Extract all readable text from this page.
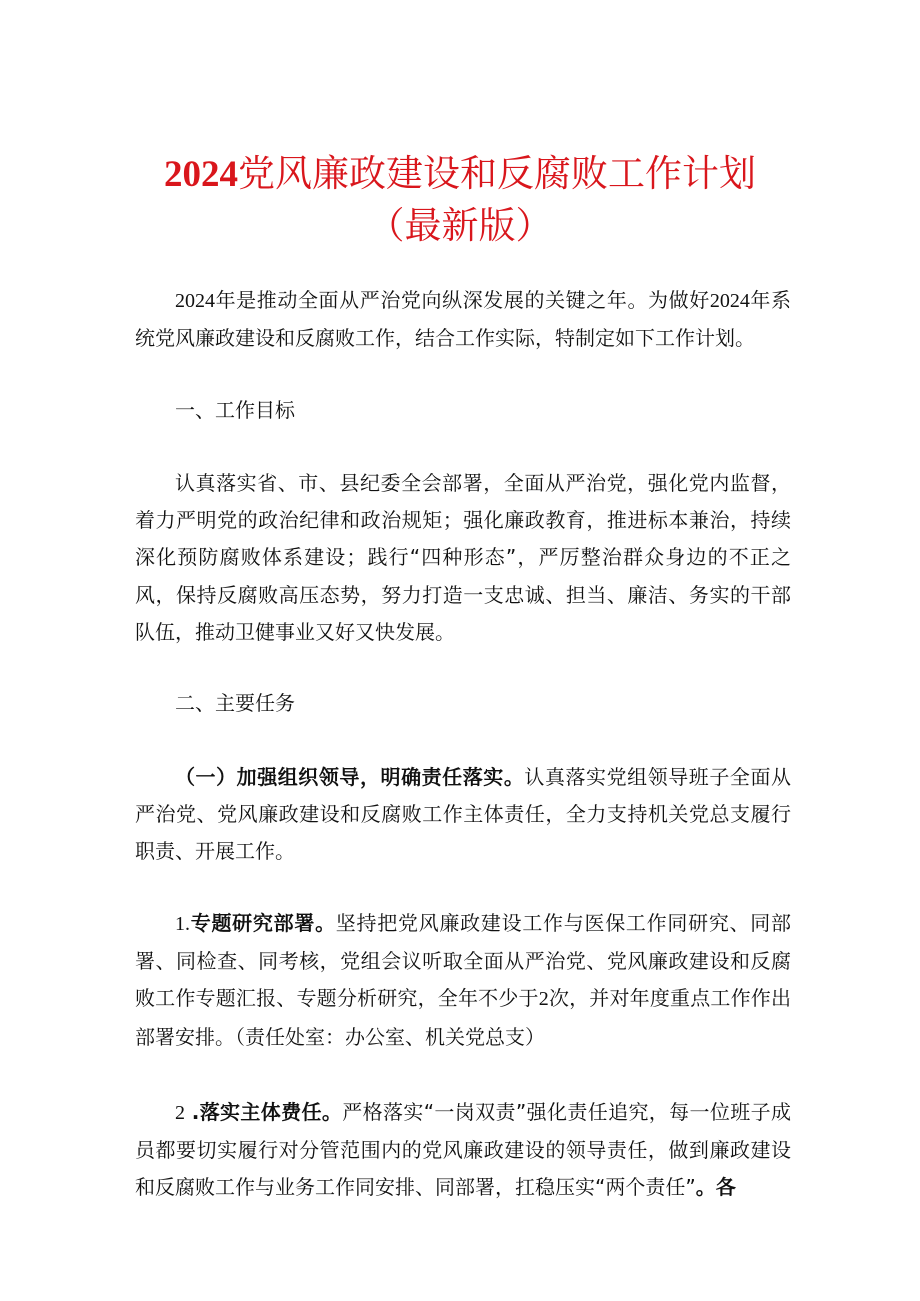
2024党风廉政建设和反腐败工作计划
（最新版）

2024年是推动全面从严治党向纵深发展的关键之年。为做好2024年系统党风廉政建设和反腐败工作，结合工作实际，特制定如下工作计划。

一、工作目标

认真落实省、市、县纪委全会部署，全面从严治党，强化党内监督，着力严明党的政治纪律和政治规矩；强化廉政教育，推进标本兼治，持续深化预防腐败体系建设；践行“四种形态”，严厉整治群众身边的不正之风，保持反腐败高压态势，努力打造一支忠诚、担当、廉洁、务实的干部队伍，推动卫健事业又好又快发展。

二、主要任务

（一）加强组织领导，明确责任落实。认真落实党组领导班子全面从严治党、党风廉政建设和反腐败工作主体责任，全力支持机关党总支履行职责、开展工作。

1.专题研究部署。坚持把党风廉政建设工作与医保工作同研究、同部署、同检查、同考核，党组会议听取全面从严治党、党风廉政建设和反腐败工作专题汇报、专题分析研究，全年不少于2次，并对年度重点工作作出部署安排。（责任处室：办公室、机关党总支）

2 .落实主体费任。严格落实“一岗双责”强化责任追究，每一位班子成员都要切实履行对分管范围内的党风廉政建设的领导责任，做到廉政建设和反腐败工作与业务工作同安排、同部署，扛稳压实“两个责任”。各
